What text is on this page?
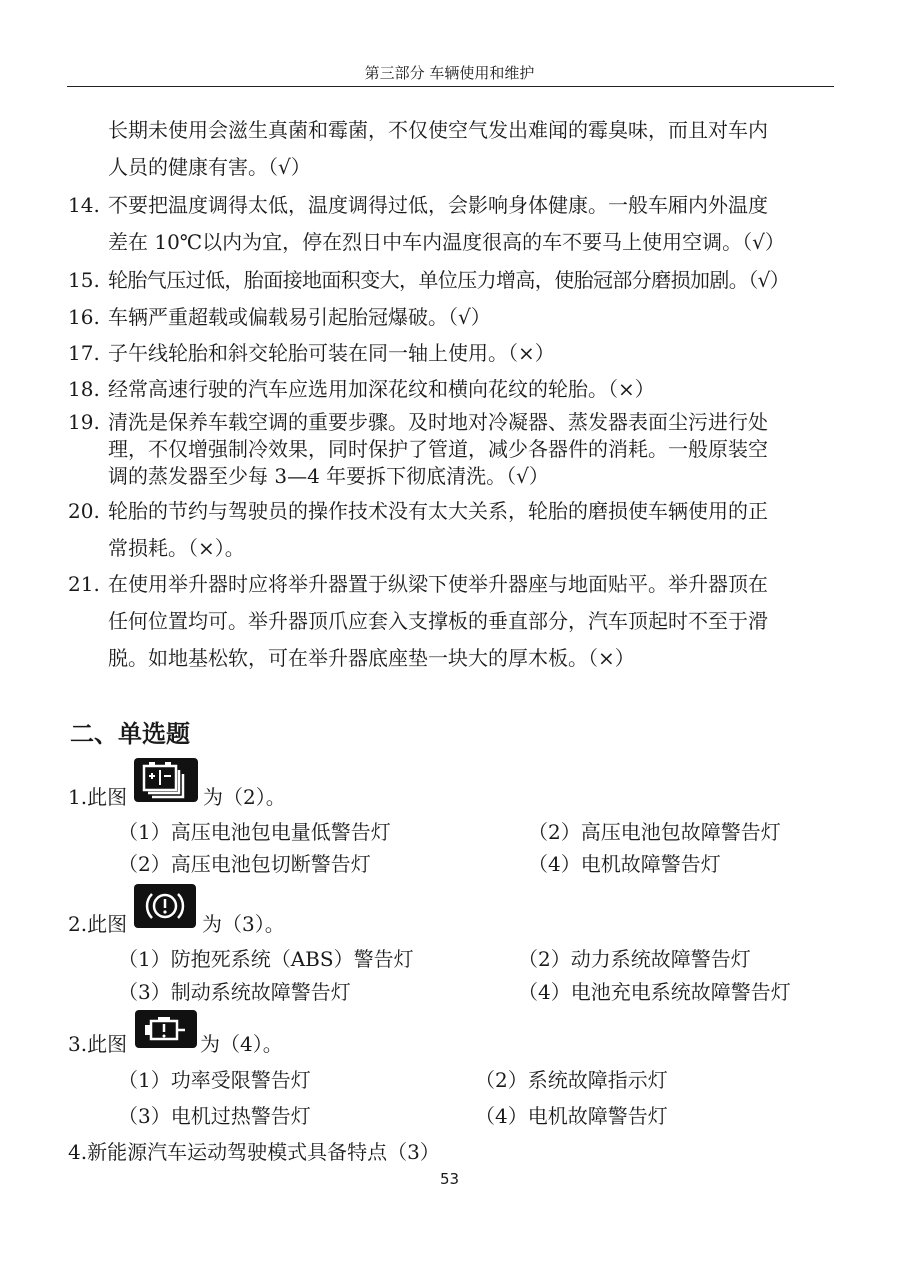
第三部分 车辆使用和维护
长期未使用会滋生真菌和霉菌，不仅使空气发出难闻的霉臭味，而且对车内
人员的健康有害。（√）
14. 不要把温度调得太低，温度调得过低，会影响身体健康。一般车厢内外温度
差在 10℃以内为宜，停在烈日中车内温度很高的车不要马上使用空调。（√）
15. 轮胎气压过低，胎面接地面积变大，单位压力增高，使胎冠部分磨损加剧。（√）
16. 车辆严重超载或偏载易引起胎冠爆破。（√）
17. 子午线轮胎和斜交轮胎可装在同一轴上使用。（×）
18. 经常高速行驶的汽车应选用加深花纹和横向花纹的轮胎。（×）
19. 清洗是保养车载空调的重要步骤。及时地对冷凝器、蒸发器表面尘污进行处
理，不仅增强制冷效果，同时保护了管道，减少各器件的消耗。一般原装空
调的蒸发器至少每 3—4 年要拆下彻底清洗。（√）
20. 轮胎的节约与驾驶员的操作技术没有太大关系，轮胎的磨损使车辆使用的正
常损耗。（×）。
21. 在使用举升器时应将举升器置于纵梁下使举升器座与地面贴平。举升器顶在
任何位置均可。举升器顶爪应套入支撑板的垂直部分，汽车顶起时不至于滑
脱。如地基松软，可在举升器底座垫一块大的厚木板。（×）
二、单选题
1.此图	为（2）。
（1）高压电池包电量低警告灯	（2）高压电池包故障警告灯
（2）高压电池包切断警告灯	（4）电机故障警告灯
2.此图	为（3）。
（1）防抱死系统（ABS）警告灯	（2）动力系统故障警告灯
（3）制动系统故障警告灯	（4）电池充电系统故障警告灯
3.此图	为（4）。
（1）功率受限警告灯	（2）系统故障指示灯
（3）电机过热警告灯	（4）电机故障警告灯
4.新能源汽车运动驾驶模式具备特点（3）
53
